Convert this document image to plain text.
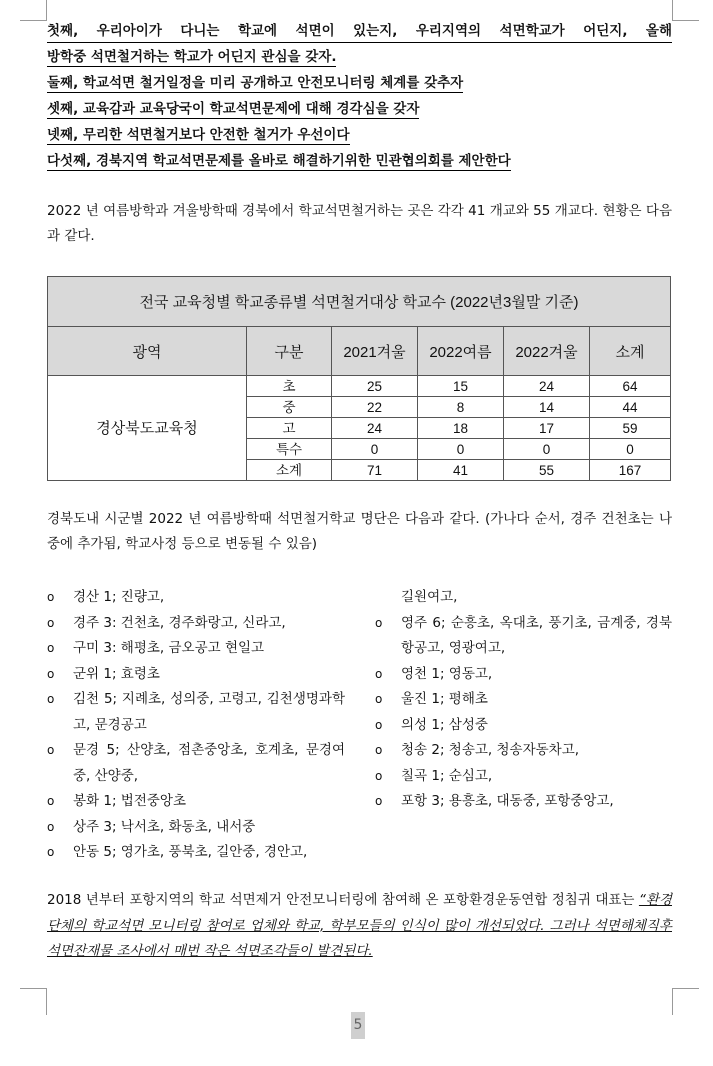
첫째, 우리아이가 다니는 학교에 석면이 있는지, 우리지역의 석면학교가 어딘지, 올해
방학중 석면철거하는 학교가 어딘지 관심을 갖자.
둘째, 학교석면 철거일정을 미리 공개하고 안전모니터링 체계를 갖추자
셋째, 교육감과 교육당국이 학교석면문제에 대해 경각심을 갖자
넷째, 무리한 석면철거보다 안전한 철거가 우선이다
다섯째, 경북지역 학교석면문제를 올바로 해결하기위한 민관협의회를 제안한다
2022 년 여름방학과 겨울방학때 경북에서 학교석면철거하는 곳은 각각 41 개교와 55 개교다. 현황은 다음과 같다.
전국 교육청별 학교종류별 석면철거대상 학교수 (2022년3월말 기준)					
광역	구분	2021겨울	2022여름	2022겨울	소계
경상북도교육청	초	25	15	24	64
	중	22	8	14	44
	고	24	18	17	59
	특수	0	0	0	0
	소계	71	41	55	167
경북도내 시군별 2022 년 여름방학때 석면철거학교 명단은 다음과 같다. (가나다 순서, 경주 건천초는 나중에 추가됨, 학교사정 등으로 변동될 수 있음)
o 경산 1; 진량고,
o 경주 3: 건천초, 경주화랑고, 신라고,
o 구미 3: 해평초, 금오공고 현일고
o 군위 1; 효령초
o 김천 5; 지례초, 성의중, 고령고, 김천생명과학고, 문경공고
o 문경 5; 산양초, 점촌중앙초, 호계초, 문경여중, 산양중,
o 봉화 1; 법전중앙초
o 상주 3; 낙서초, 화동초, 내서중
o 안동 5; 영가초, 풍북초, 길안중, 경안고,
길원여고,
o 영주 6; 순흥초, 옥대초, 풍기초, 금계중, 경북항공고, 영광여고,
o 영천 1; 영동고,
o 울진 1; 평해초
o 의성 1; 삼성중
o 청송 2; 청송고, 청송자동차고,
o 칠곡 1; 순심고,
o 포항 3; 용흥초, 대동중, 포항중앙고,
2018 년부터 포항지역의 학교 석면제거 안전모니터링에 참여해 온 포항환경운동연합 정침귀 대표는 “환경단체의 학교석면 모니터링 참여로 업체와 학교, 학부모들의 인식이 많이 개선되었다. 그러나 석면해체직후 석면잔재물 조사에서 매번 작은 석면조각들이 발견된다.
5
